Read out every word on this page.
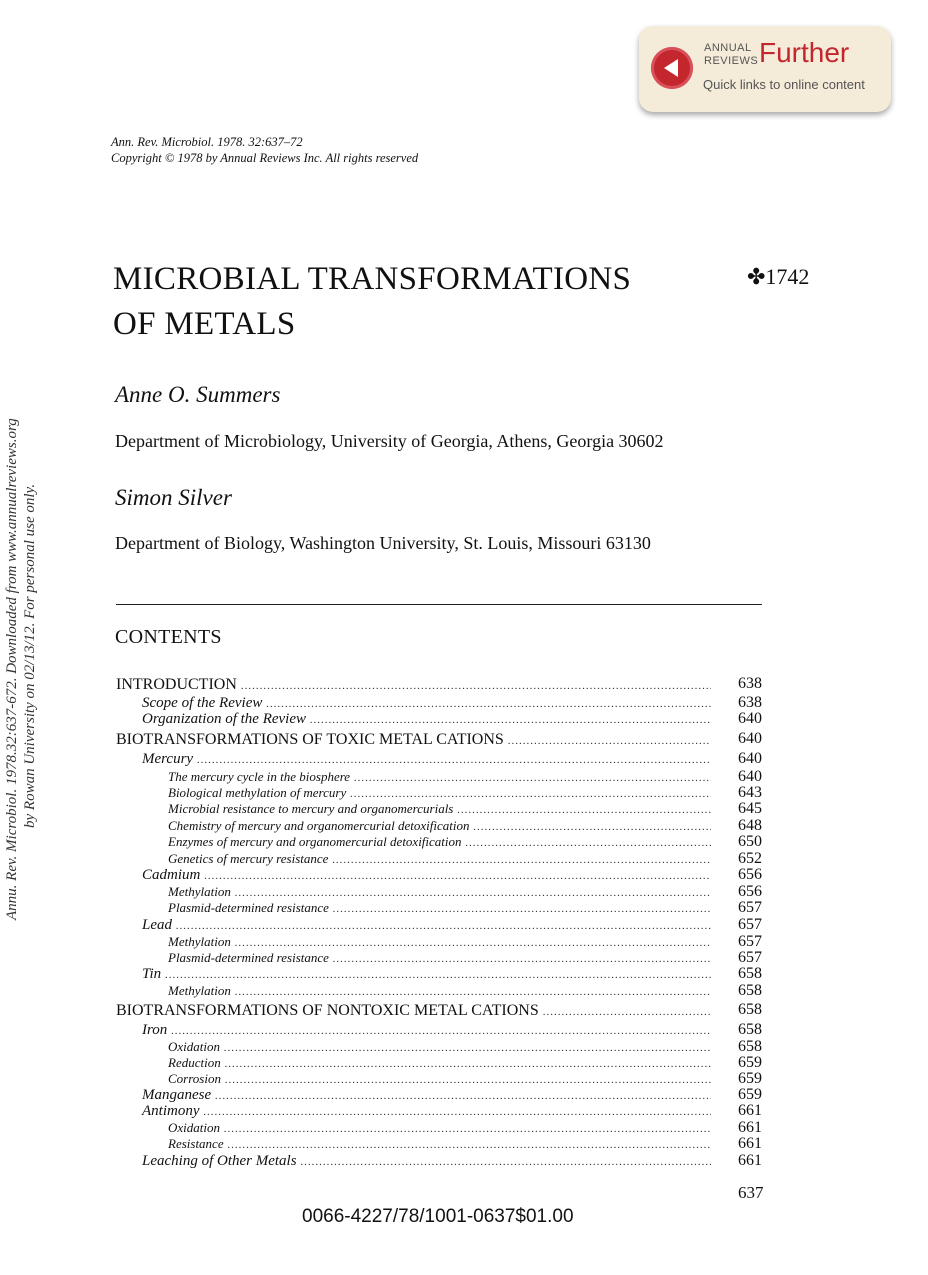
ANNUAL
REVIEWS Further
Quick links to online content
Annu. Rev. Microbiol. 1978.32:637-672. Downloaded from www.annualreviews.org by Rowan University on 02/13/12. For personal use only.
Ann. Rev. Microbiol. 1978. 32:637–72
Copyright © 1978 by Annual Reviews Inc. All rights reserved
MICROBIAL TRANSFORMATIONS
OF METALS
✤1742
Anne O. Summers
Department of Microbiology, University of Georgia, Athens, Georgia 30602
Simon Silver
Department of Biology, Washington University, St. Louis, Missouri 63130
CONTENTS
INTRODUCTION .....	638
Scope of the Review .....	638
Organization of the Review .....	640
BIOTRANSFORMATIONS OF TOXIC METAL CATIONS .....	640
Mercury .....	640
The mercury cycle in the biosphere .....	640
Biological methylation of mercury .....	643
Microbial resistance to mercury and organomercurials .....	645
Chemistry of mercury and organomercurial detoxification .....	648
Enzymes of mercury and organomercurial detoxification .....	650
Genetics of mercury resistance .....	652
Cadmium .....	656
Methylation .....	656
Plasmid-determined resistance .....	657
Lead .....	657
Methylation .....	657
Plasmid-determined resistance .....	657
Tin .....	658
Methylation .....	658
BIOTRANSFORMATIONS OF NONTOXIC METAL CATIONS .....	658
Iron .....	658
Oxidation .....	658
Reduction .....	659
Corrosion .....	659
Manganese .....	659
Antimony .....	661
Oxidation .....	661
Resistance .....	661
Leaching of Other Metals .....	661
637
0066-4227/78/1001-0637$01.00
